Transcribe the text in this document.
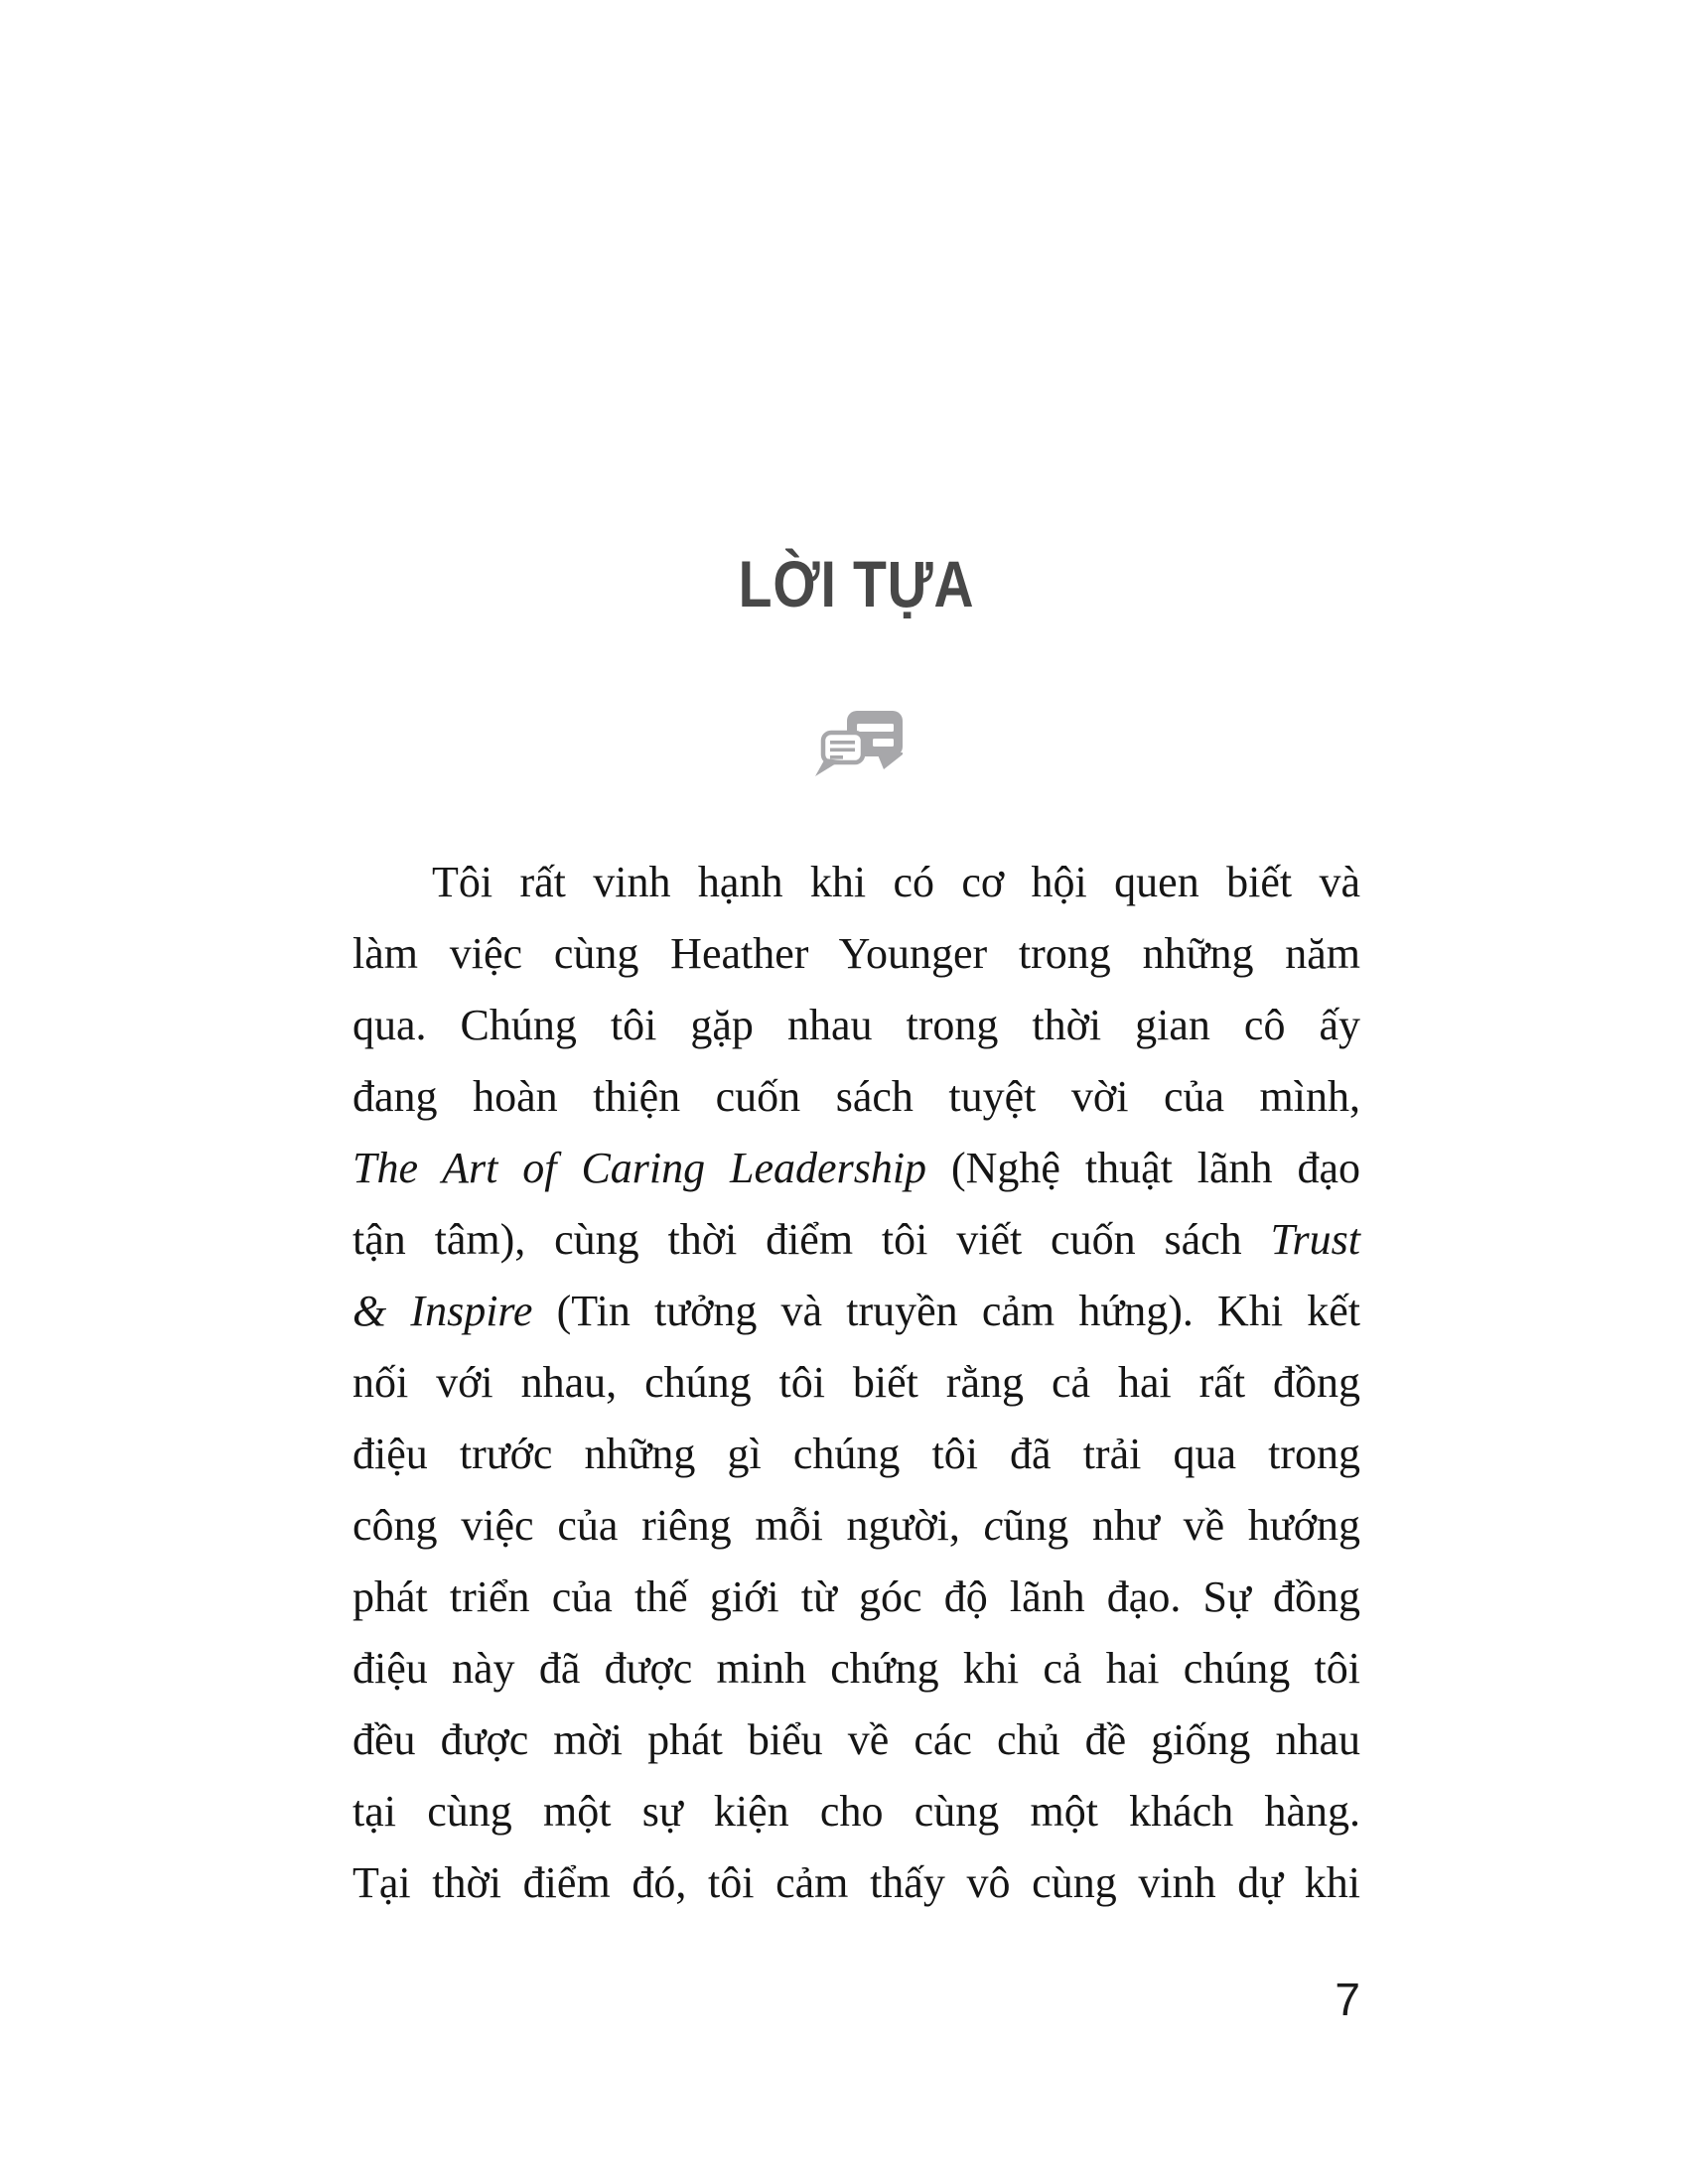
LỜI TỰA
Tôi rất vinh hạnh khi có cơ hội quen biết và
làm việc cùng Heather Younger trong những năm
qua. Chúng tôi gặp nhau trong thời gian cô ấy
đang hoàn thiện cuốn sách tuyệt vời của mình,
The Art of Caring Leadership (Nghệ thuật lãnh đạo
tận tâm), cùng thời điểm tôi viết cuốn sách Trust
& Inspire (Tin tưởng và truyền cảm hứng). Khi kết
nối với nhau, chúng tôi biết rằng cả hai rất đồng
điệu trước những gì chúng tôi đã trải qua trong
công việc của riêng mỗi người, cũng như về hướng
phát triển của thế giới từ góc độ lãnh đạo. Sự đồng
điệu này đã được minh chứng khi cả hai chúng tôi
đều được mời phát biểu về các chủ đề giống nhau
tại cùng một sự kiện cho cùng một khách hàng.
Tại thời điểm đó, tôi cảm thấy vô cùng vinh dự khi
7
